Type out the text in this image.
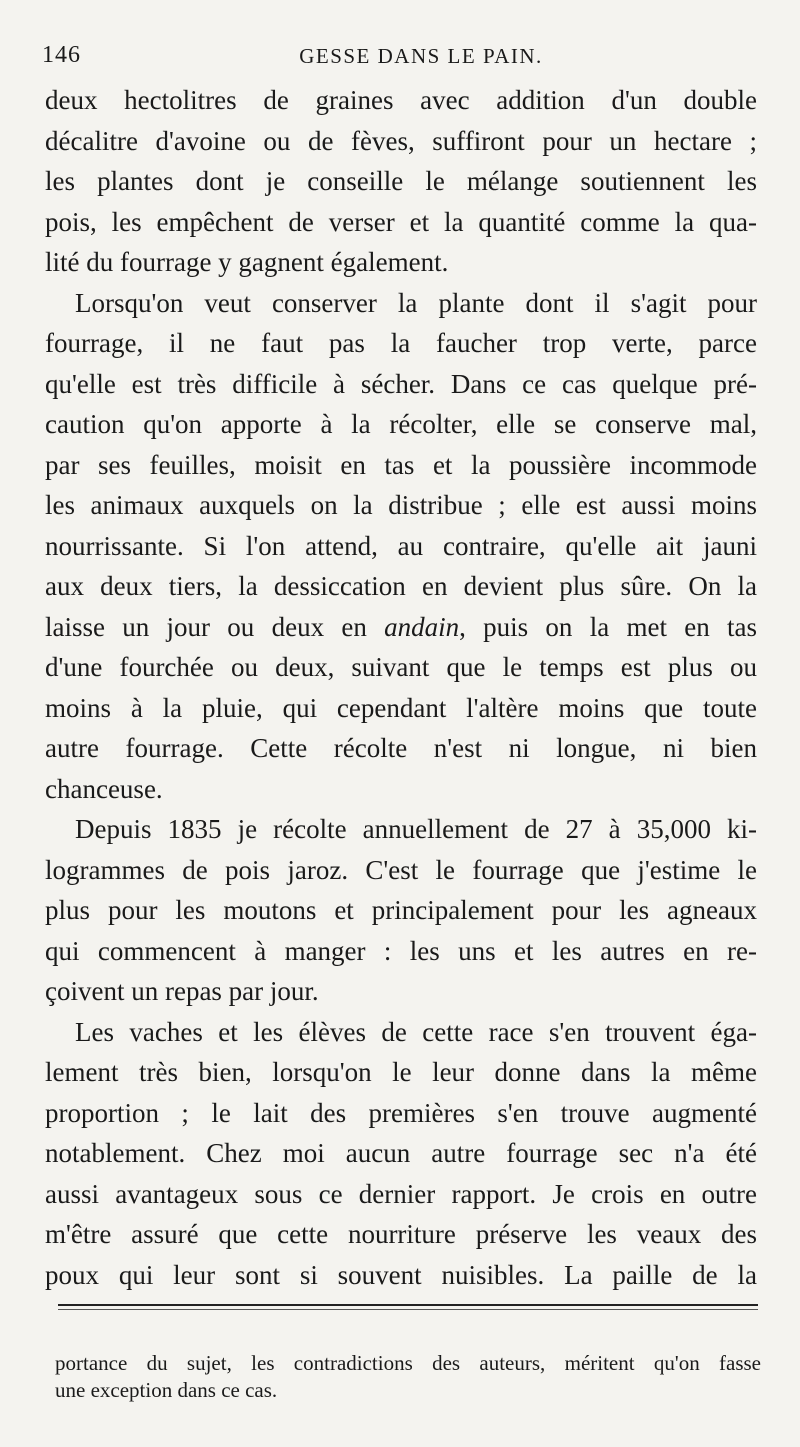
146	GESSE DANS LE PAIN.
deux hectolitres de graines avec addition d'un double
décalitre d'avoine ou de fèves, suffiront pour un hectare ;
les plantes dont je conseille le mélange soutiennent les
pois, les empêchent de verser et la quantité comme la qua-
lité du fourrage y gagnent également.
Lorsqu'on veut conserver la plante dont il s'agit pour
fourrage, il ne faut pas la faucher trop verte, parce
qu'elle est très difficile à sécher. Dans ce cas quelque pré-
caution qu'on apporte à la récolter, elle se conserve mal,
par ses feuilles, moisit en tas et la poussière incommode
les animaux auxquels on la distribue ; elle est aussi moins
nourrissante. Si l'on attend, au contraire, qu'elle ait jauni
aux deux tiers, la dessiccation en devient plus sûre. On la
laisse un jour ou deux en andain, puis on la met en tas
d'une fourchée ou deux, suivant que le temps est plus ou
moins à la pluie, qui cependant l'altère moins que toute
autre fourrage. Cette récolte n'est ni longue, ni bien
chanceuse.
Depuis 1835 je récolte annuellement de 27 à 35,000 ki-
logrammes de pois jaroz. C'est le fourrage que j'estime le
plus pour les moutons et principalement pour les agneaux
qui commencent à manger : les uns et les autres en re-
çoivent un repas par jour.
Les vaches et les élèves de cette race s'en trouvent éga-
lement très bien, lorsqu'on le leur donne dans la même
proportion ; le lait des premières s'en trouve augmenté
notablement. Chez moi aucun autre fourrage sec n'a été
aussi avantageux sous ce dernier rapport. Je crois en outre
m'être assuré que cette nourriture préserve les veaux des
poux qui leur sont si souvent nuisibles. La paille de la
portance du sujet, les contradictions des auteurs, méritent qu'on fasse
une exception dans ce cas.
